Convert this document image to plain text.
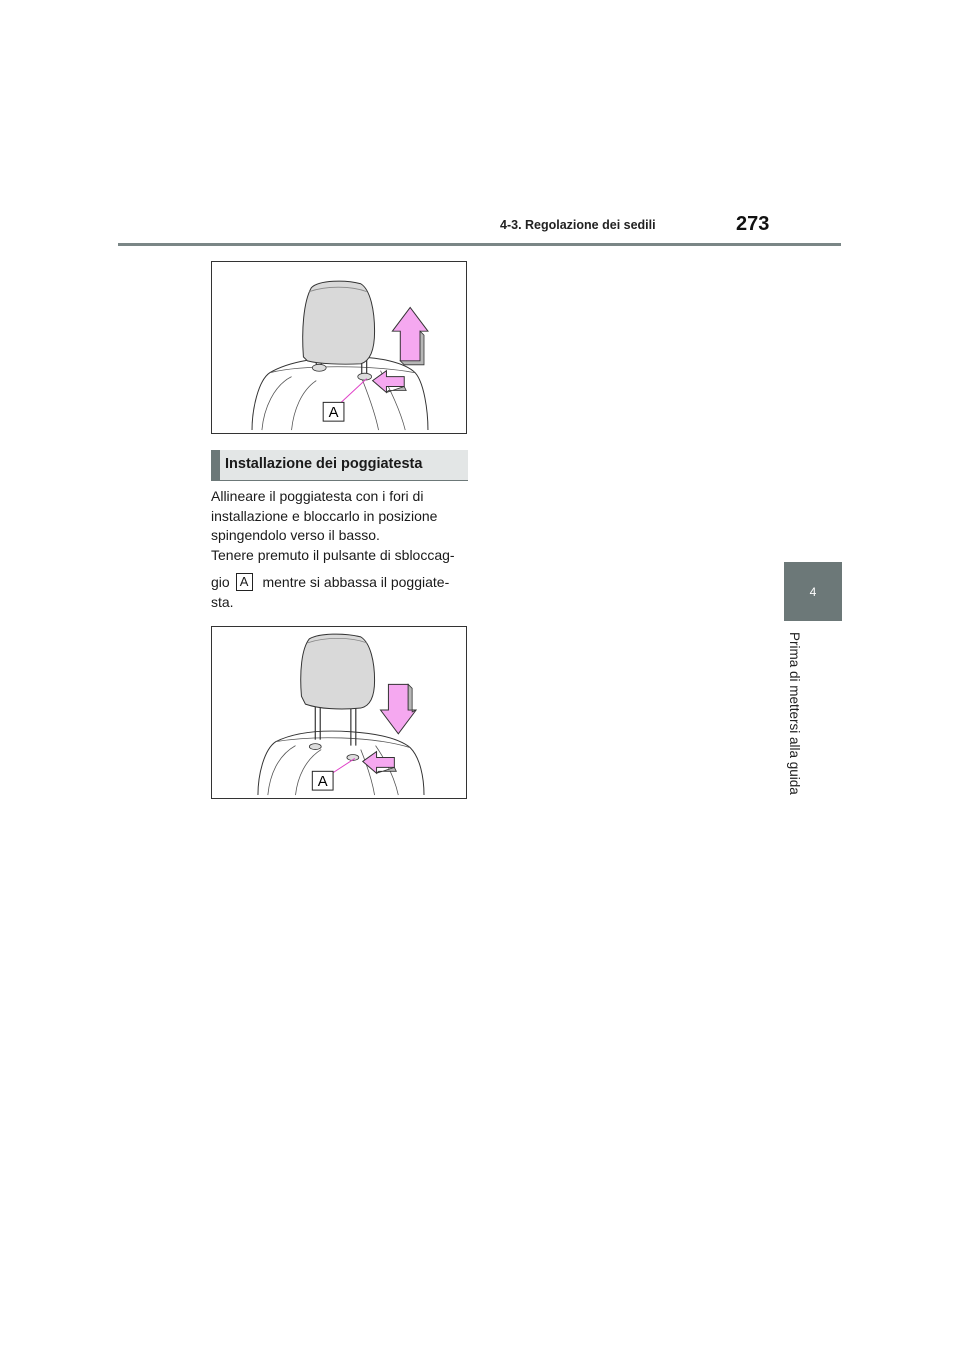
4-3. Regolazione dei sedili	273
A
Installazione dei poggiatesta

Allineare il poggiatesta con i fori di installazione e bloccarlo in posizione spingendolo verso il basso.

Tenere premuto il pulsante di sbloccag-
gio A mentre si abbassa il poggiate-
sta.

A
4
Prima di mettersi alla guida
